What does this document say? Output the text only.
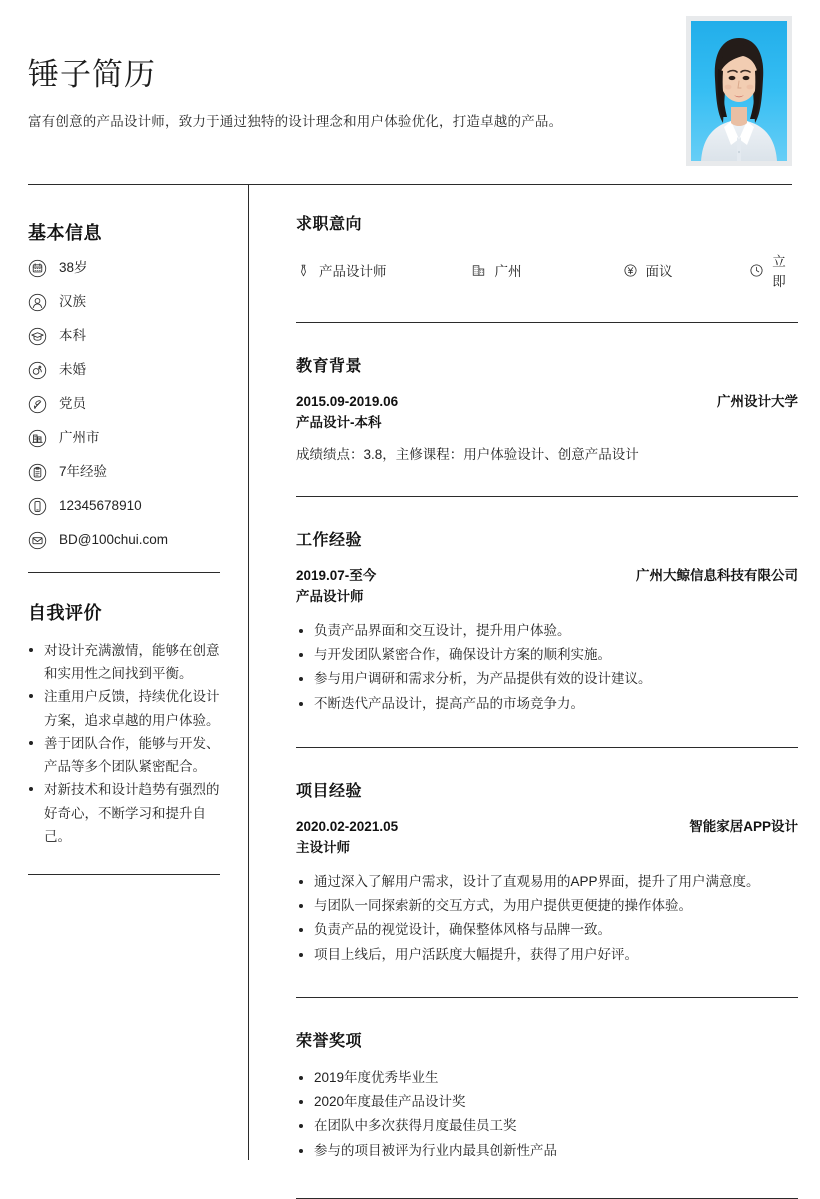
锤子简历

富有创意的产品设计师，致力于通过独特的设计理念和用户体验优化，打造卓越的产品。

基本信息
38岁
汉族
本科
未婚
党员
广州市
7年经验
12345678910
BD@100chui.com
自我评价
对设计充满激情，能够在创意和实用性之间找到平衡。
注重用户反馈，持续优化设计方案，追求卓越的用户体验。
善于团队合作，能够与开发、产品等多个团队紧密配合。
对新技术和设计趋势有强烈的好奇心，不断学习和提升自己。
求职意向
产品设计师	广州	面议
立即
教育背景
2015.09-2019.06
产品设计-本科
广州设计大学
成绩绩点：3.8，主修课程：用户体验设计、创意产品设计
工作经验
2019.07-至今
产品设计师
广州大鲸信息科技有限公司
负责产品界面和交互设计，提升用户体验。
与开发团队紧密合作，确保设计方案的顺利实施。
参与用户调研和需求分析，为产品提供有效的设计建议。
不断迭代产品设计，提高产品的市场竞争力。
项目经验
2020.02-2021.05
主设计师
智能家居APP设计
通过深入了解用户需求，设计了直观易用的APP界面，提升了用户满意度。
与团队一同探索新的交互方式，为用户提供更便捷的操作体验。
负责产品的视觉设计，确保整体风格与品牌一致。
项目上线后，用户活跃度大幅提升，获得了用户好评。
荣誉奖项
2019年度优秀毕业生
2020年度最佳产品设计奖
在团队中多次获得月度最佳员工奖
参与的项目被评为行业内最具创新性产品
